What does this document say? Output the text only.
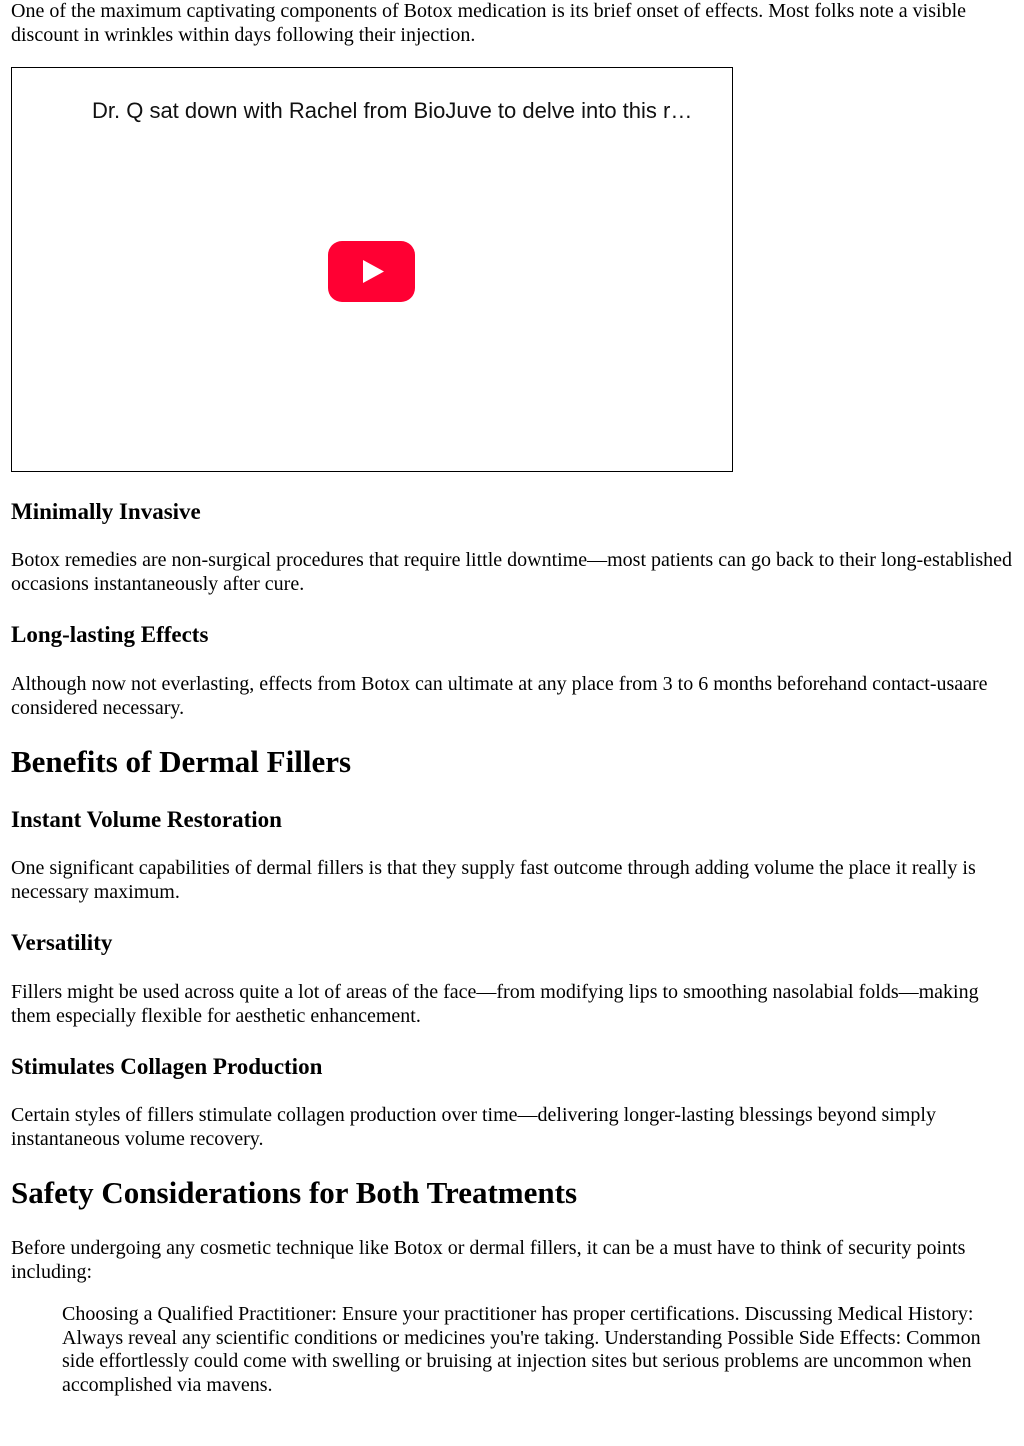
One of the maximum captivating components of Botox medication is its brief onset of effects. Most folks note a visible discount in wrinkles within days following their injection.

Dr. Q sat down with Rachel from BioJuve to delve into this r…
Minimally Invasive

Botox remedies are non-surgical procedures that require little downtime—most patients can go back to their long-established occasions instantaneously after cure.

Long-lasting Effects

Although now not everlasting, effects from Botox can ultimate at any place from 3 to 6 months beforehand contact-usaare considered necessary.

Benefits of Dermal Fillers
Instant Volume Restoration

One significant capabilities of dermal fillers is that they supply fast outcome through adding volume the place it really is necessary maximum.

Versatility

Fillers might be used across quite a lot of areas of the face—from modifying lips to smoothing nasolabial folds—making them especially flexible for aesthetic enhancement.

Stimulates Collagen Production

Certain styles of fillers stimulate collagen production over time—delivering longer-lasting blessings beyond simply instantaneous volume recovery.

Safety Considerations for Both Treatments

Before undergoing any cosmetic technique like Botox or dermal fillers, it can be a must have to think of security points including:

Choosing a Qualified Practitioner: Ensure your practitioner has proper certifications. Discussing Medical History: Always reveal any scientific conditions or medicines you're taking. Understanding Possible Side Effects: Common side effortlessly could come with swelling or bruising at injection sites but serious problems are uncommon when accomplished via mavens.
